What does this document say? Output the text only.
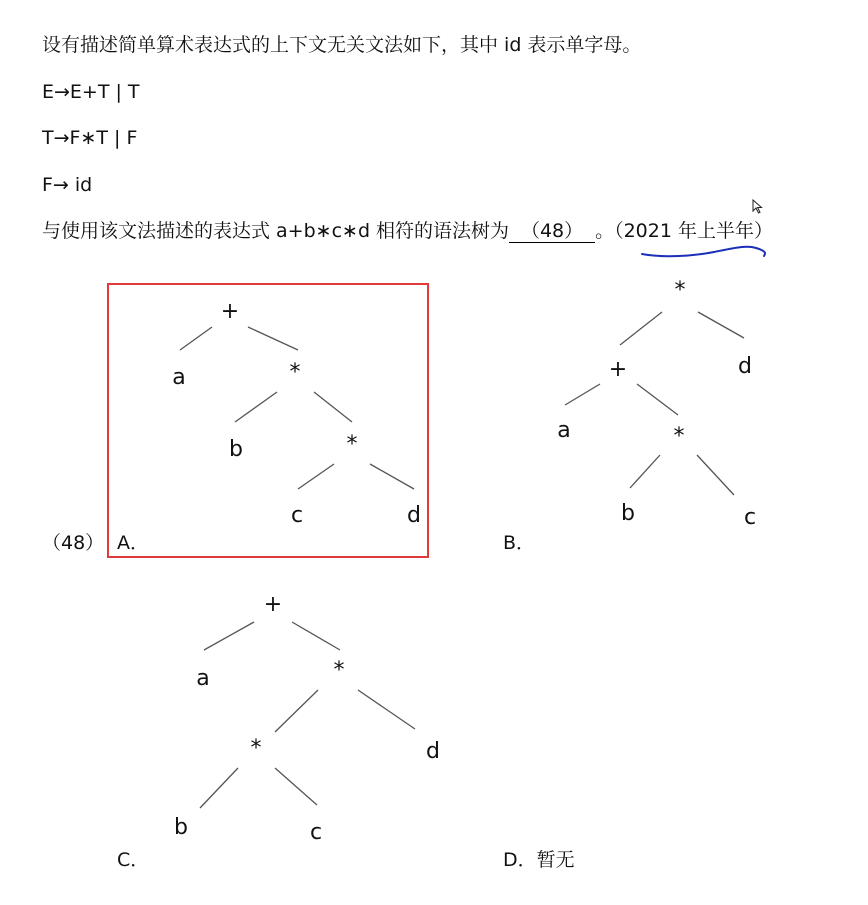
设有描述简单算术表达式的上下文无关文法如下，其中 id 表示单字母。
E→E+T | T
T→F∗T | F
F→ id
与使用该文法描述的表达式 a+b∗c∗d 相符的语法树为 （48） 。（2021 年上半年
）
+
a	*
b	*
c	d
*
+	d
a	*
b	c
+
a	*
*	d
b	c
（48） A．	B．
C．	D．暂无
